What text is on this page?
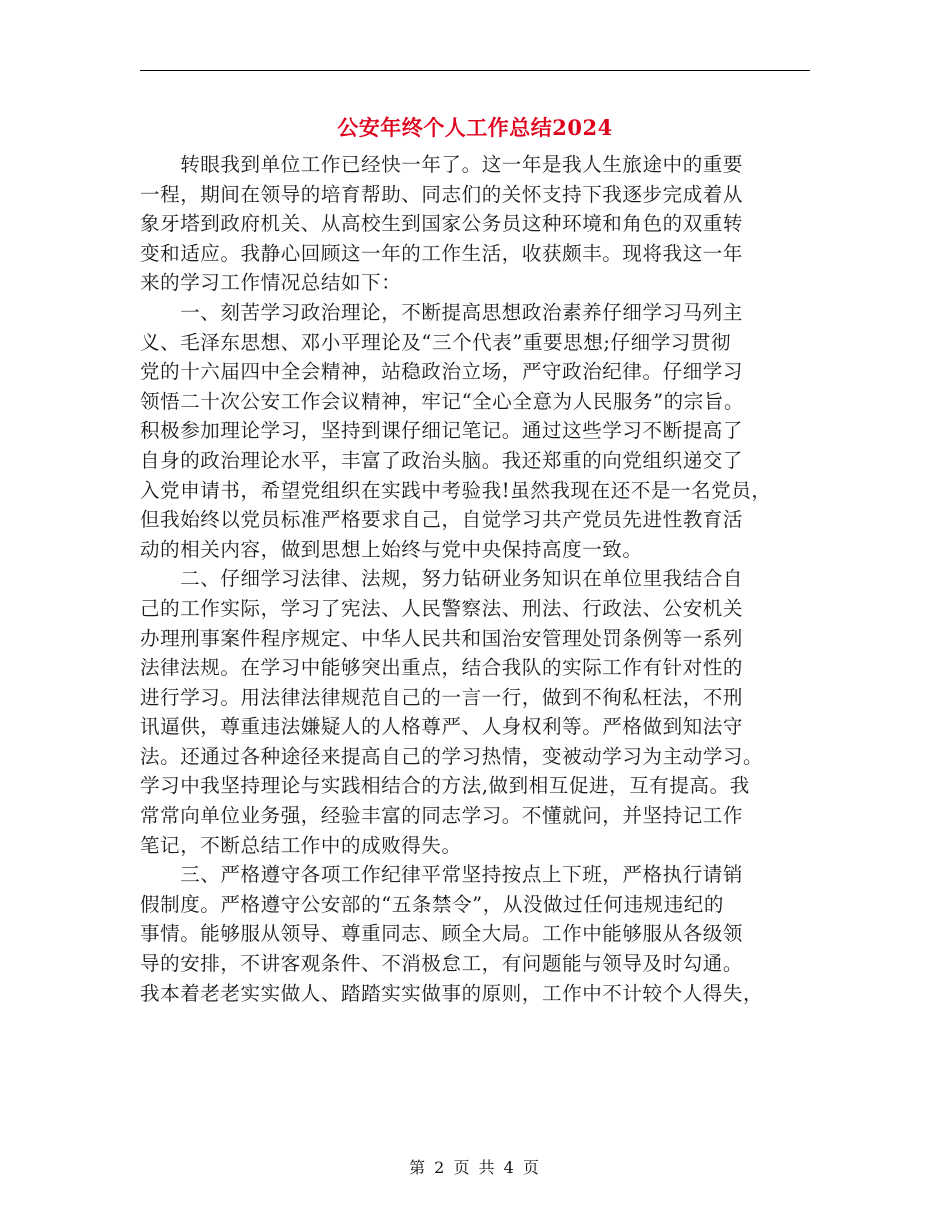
公安年终个人工作总结2024
　　转眼我到单位工作已经快一年了。这一年是我人生旅途中的重要
一程，期间在领导的培育帮助、同志们的关怀支持下我逐步完成着从
象牙塔到政府机关、从高校生到国家公务员这种环境和角色的双重转
变和适应。我静心回顾这一年的工作生活，收获颇丰。现将我这一年
来的学习工作情况总结如下：
　　一、刻苦学习政治理论，不断提高思想政治素养仔细学习马列主
义、毛泽东思想、邓小平理论及“三个代表”重要思想;仔细学习贯彻
党的十六届四中全会精神，站稳政治立场，严守政治纪律。仔细学习
领悟二十次公安工作会议精神，牢记“全心全意为人民服务”的宗旨。
积极参加理论学习，坚持到课仔细记笔记。通过这些学习不断提高了
自身的政治理论水平，丰富了政治头脑。我还郑重的向党组织递交了
入党申请书，希望党组织在实践中考验我!虽然我现在还不是一名党员，
但我始终以党员标准严格要求自己，自觉学习共产党员先进性教育活
动的相关内容，做到思想上始终与党中央保持高度一致。
　　二、仔细学习法律、法规，努力钻研业务知识在单位里我结合自
己的工作实际，学习了宪法、人民警察法、刑法、行政法、公安机关
办理刑事案件程序规定、中华人民共和国治安管理处罚条例等一系列
法律法规。在学习中能够突出重点，结合我队的实际工作有针对性的
进行学习。用法律法律规范自己的一言一行，做到不徇私枉法，不刑
讯逼供，尊重违法嫌疑人的人格尊严、人身权利等。严格做到知法守
法。还通过各种途径来提高自己的学习热情，变被动学习为主动学习。
学习中我坚持理论与实践相结合的方法,做到相互促进，互有提高。我
常常向单位业务强，经验丰富的同志学习。不懂就问，并坚持记工作
笔记，不断总结工作中的成败得失。
　　三、严格遵守各项工作纪律平常坚持按点上下班，严格执行请销
假制度。严格遵守公安部的“五条禁令”，从没做过任何违规违纪的
事情。能够服从领导、尊重同志、顾全大局。工作中能够服从各级领
导的安排，不讲客观条件、不消极怠工，有问题能与领导及时勾通。
我本着老老实实做人、踏踏实实做事的原则，工作中不计较个人得失，
第 2 页 共 4 页
